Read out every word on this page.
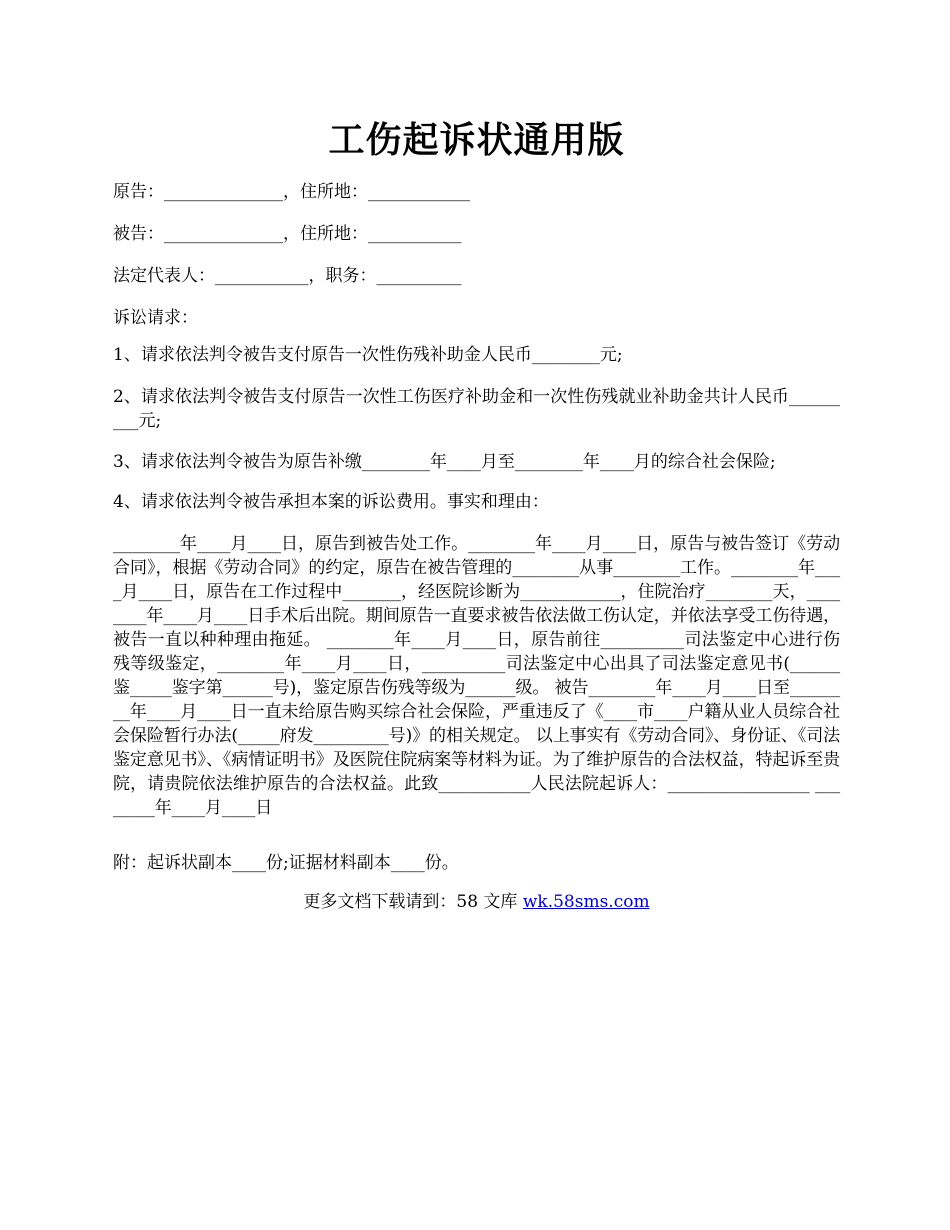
工伤起诉状通用版

原告：______________，住所地：____________

被告：______________，住所地：___________

法定代表人：___________，职务：__________

诉讼请求：

1、请求依法判令被告支付原告一次性伤残补助金人民币________元;

2、请求依法判令被告支付原告一次性工伤医疗补助金和一次性伤残就业补助金共计人民币_________元;

3、请求依法判令被告为原告补缴________年____月至________年____月的综合社会保险;

4、请求依法判令被告承担本案的诉讼费用。事实和理由：

________年____月____日，原告到被告处工作。________年____月____日，原告与被告签订《劳动合同》，根据《劳动合同》的约定，原告在被告管理的________从事________工作。________年____月____日，原告在工作过程中_______，经医院诊断为____________，住院治疗________天，________年____月____日手术后出院。期间原告一直要求被告依法做工伤认定，并依法享受工伤待遇，被告一直以种种理由拖延。 ________年____月____日，原告前往__________司法鉴定中心进行伤残等级鉴定，________年____月____日，__________司法鉴定中心出具了司法鉴定意见书(______鉴_____鉴字第______号)，鉴定原告伤残等级为______级。 被告________年____月____日至________年____月____日一直未给原告购买综合社会保险，严重违反了《____市____户籍从业人员综合社会保险暂行办法(_____府发_________号)》的相关规定。 以上事实有《劳动合同》、身份证、《司法鉴定意见书》、《病情证明书》及医院住院病案等材料为证。为了维护原告的合法权益，特起诉至贵院，请贵院依法维护原告的合法权益。此致___________人民法院起诉人：_________________ ________年____月____日

附：起诉状副本____份;证据材料副本____份。

更多文档下载请到：58 文库 wk.58sms.com
